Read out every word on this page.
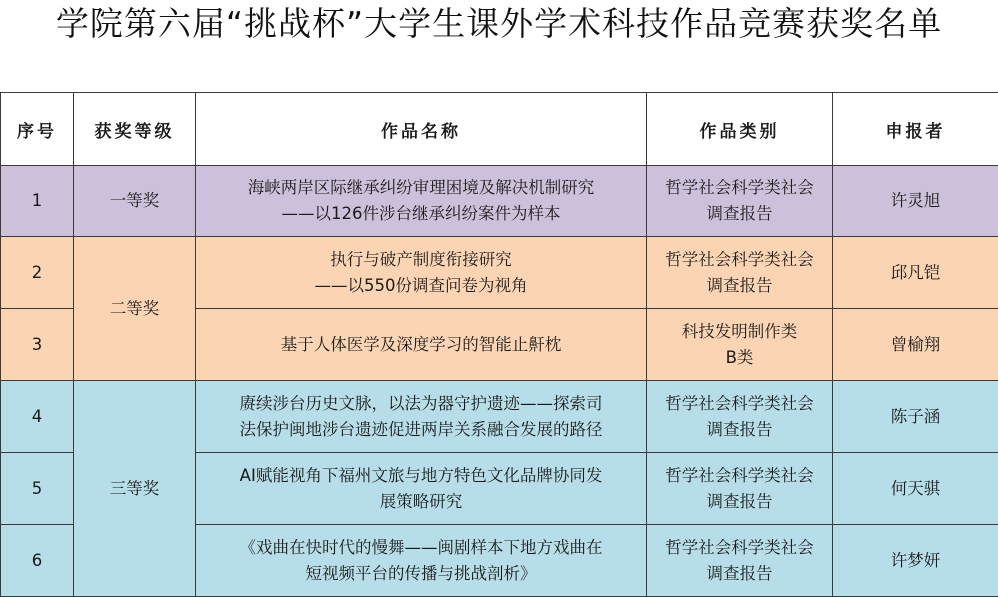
学院第六届“挑战杯”大学生课外学术科技作品竞赛获奖名单
序号	获奖等级	作品名称	作品类别	申报者
1	一等奖	海峡两岸区际继承纠纷审理困境及解决机制研究
——以126件涉台继承纠纷案件为样本	哲学社会科学类社会
调查报告	许灵旭
2	二等奖	执行与破产制度衔接研究
——以550份调查问卷为视角	哲学社会科学类社会
调查报告	邱凡铠
3		基于人体医学及深度学习的智能止鼾枕	科技发明制作类
B类	曾榆翔
4	三等奖	赓续涉台历史文脉，以法为器守护遗迹——探索司
法保护闽地涉台遗迹促进两岸关系融合发展的路径	哲学社会科学类社会
调查报告	陈子涵
5		AI赋能视角下福州文旅与地方特色文化品牌协同发
展策略研究	哲学社会科学类社会
调查报告	何天骐
6		《戏曲在快时代的慢舞——闽剧样本下地方戏曲在
短视频平台的传播与挑战剖析》	哲学社会科学类社会
调查报告	许梦妍
